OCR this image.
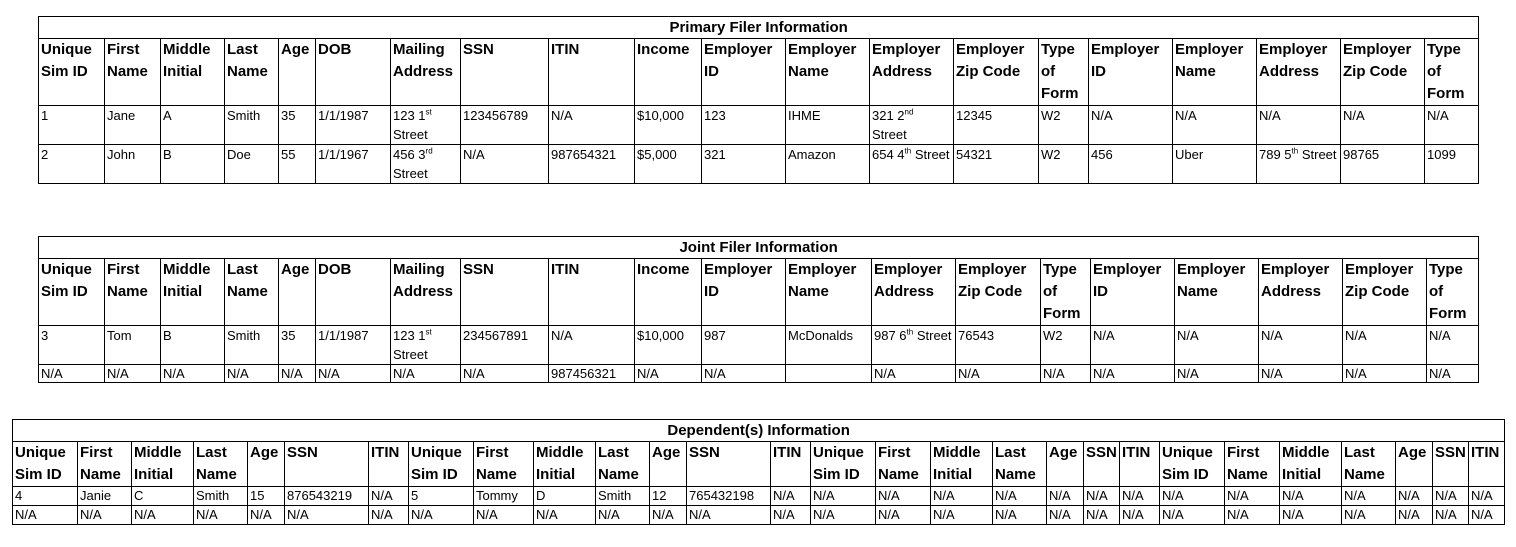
Primary Filer Information																			
Unique Sim ID	First Name	Middle Initial	Last Name	Age	DOB	Mailing Address	SSN	ITIN	Income	Employer ID	Employer Name	Employer Address	Employer Zip Code	Type of Form	Employer ID	Employer Name	Employer Address	Employer Zip Code	Type of Form
1	Jane	A	Smith	35	1/1/1987	123 1st Street	123456789	N/A	$10,000	123	IHME	321 2nd Street	12345	W2	N/A	N/A	N/A	N/A	N/A
2	John	B	Doe	55	1/1/1967	456 3rd Street	N/A	987654321	$5,000	321	Amazon	654 4th Street	54321	W2	456	Uber	789 5th Street	98765	1099
Joint Filer Information																			
Unique Sim ID	First Name	Middle Initial	Last Name	Age	DOB	Mailing Address	SSN	ITIN	Income	Employer ID	Employer Name	Employer Address	Employer Zip Code	Type of Form	Employer ID	Employer Name	Employer Address	Employer Zip Code	Type of Form
3	Tom	B	Smith	35	1/1/1987	123 1st Street	234567891	N/A	$10,000	987	McDonalds	987 6th Street	76543	W2	N/A	N/A	N/A	N/A	N/A
N/A	N/A	N/A	N/A	N/A	N/A	N/A	N/A	987456321	N/A	N/A		N/A	N/A	N/A	N/A	N/A	N/A	N/A	N/A
Dependent(s) Information																											
Unique Sim ID	First Name	Middle Initial	Last Name	Age	SSN	ITIN	Unique Sim ID	First Name	Middle Initial	Last Name	Age	SSN	ITIN	Unique Sim ID	First Name	Middle Initial	Last Name	Age	SSN	ITIN	Unique Sim ID	First Name	Middle Initial	Last Name	Age	SSN	ITIN
4	Janie	C	Smith	15	876543219	N/A	5	Tommy	D	Smith	12	765432198	N/A	N/A	N/A	N/A	N/A	N/A	N/A	N/A	N/A	N/A	N/A	N/A	N/A	N/A	N/A
N/A	N/A	N/A	N/A	N/A	N/A	N/A	N/A	N/A	N/A	N/A	N/A	N/A	N/A	N/A	N/A	N/A	N/A	N/A	N/A	N/A	N/A	N/A	N/A	N/A	N/A	N/A	N/A
